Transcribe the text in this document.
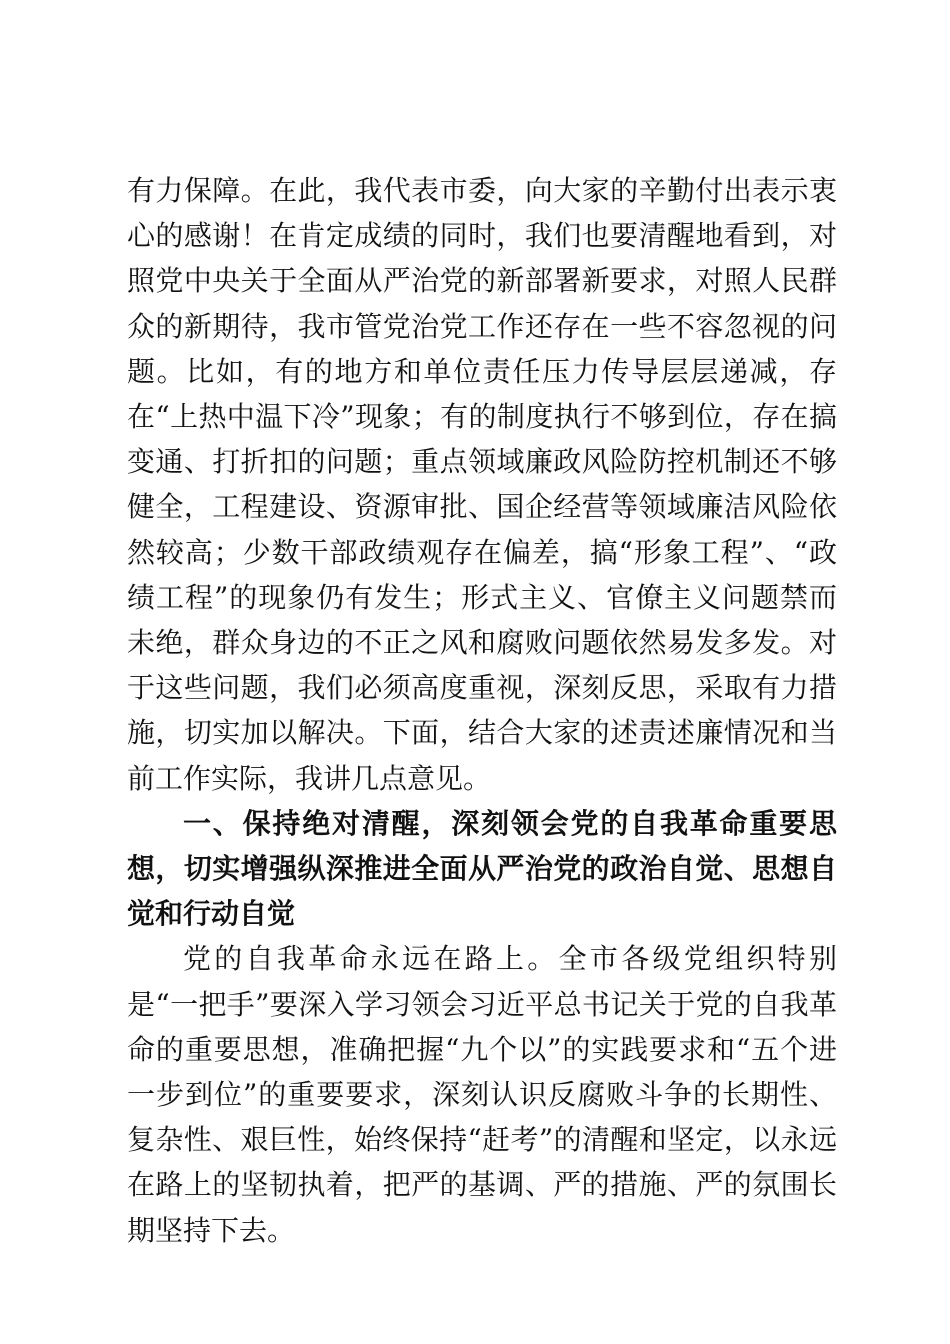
有力保障。在此，我代表市委，向大家的辛勤付出表示衷心的感谢！在肯定成绩的同时，我们也要清醒地看到，对照党中央关于全面从严治党的新部署新要求，对照人民群众的新期待，我市管党治党工作还存在一些不容忽视的问题。比如，有的地方和单位责任压力传导层层递减，存在“上热中温下冷”现象；有的制度执行不够到位，存在搞变通、打折扣的问题；重点领域廉政风险防控机制还不够健全，工程建设、资源审批、国企经营等领域廉洁风险依然较高；少数干部政绩观存在偏差，搞“形象工程”、“政绩工程”的现象仍有发生；形式主义、官僚主义问题禁而未绝，群众身边的不正之风和腐败问题依然易发多发。对于这些问题，我们必须高度重视，深刻反思，采取有力措施，切实加以解决。下面，结合大家的述责述廉情况和当前工作实际，我讲几点意见。

一、保持绝对清醒，深刻领会党的自我革命重要思想，切实增强纵深推进全面从严治党的政治自觉、思想自觉和行动自觉

党的自我革命永远在路上。全市各级党组织特别是“一把手”要深入学习领会习近平总书记关于党的自我革命的重要思想，准确把握“九个以”的实践要求和“五个进一步到位”的重要要求，深刻认识反腐败斗争的长期性、复杂性、艰巨性，始终保持“赶考”的清醒和坚定，以永远在路上的坚韧执着，把严的基调、严的措施、严的氛围长期坚持下去。
